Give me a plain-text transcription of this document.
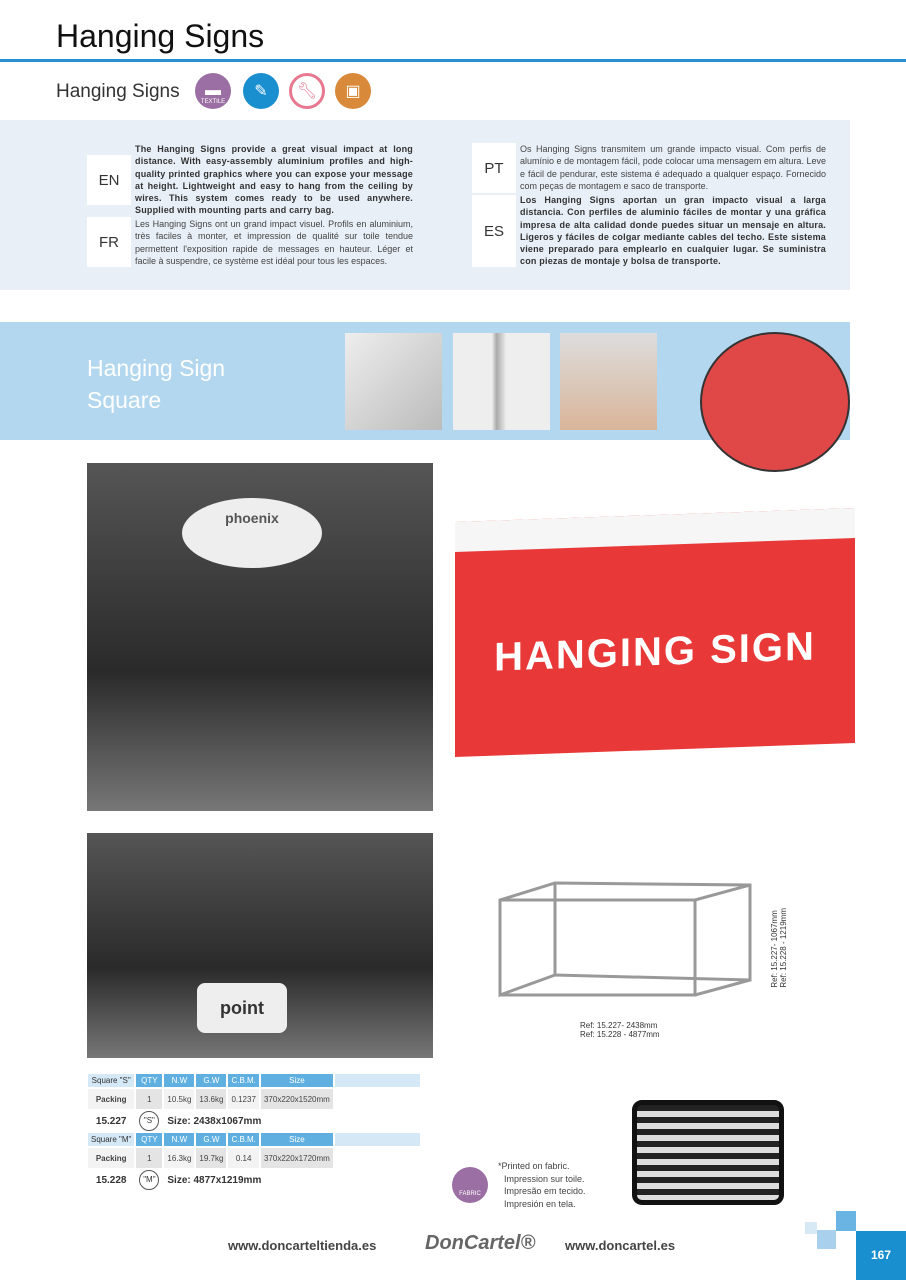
Hanging Signs
Hanging Signs	▬
TEXTILE
✎	🔧︎	▣
EN
The Hanging Signs provide a great visual impact at long distance. With easy-assembly aluminium profiles and high-quality printed graphics where you can expose your message at height. Lightweight and easy to hang from the ceiling by wires. This system comes ready to be used anywhere. Supplied with mounting parts and carry bag.
FR
Les Hanging Signs ont un grand impact visuel. Profils en aluminium, très faciles à monter, et impression de qualité sur toile tendue permettent l'exposition rapide de messages en hauteur. Léger et facile à suspendre, ce système est idéal pour tous les espaces.
PT
Os Hanging Signs transmitem um grande impacto visual. Com perfis de alumínio e de montagem fácil, pode colocar uma mensagem em altura. Leve e fácil de pendurar, este sistema é adequado a qualquer espaço. Fornecido com peças de montagem e saco de transporte.
ES
Los Hanging Signs aportan un gran impacto visual a larga distancia. Con perfiles de aluminio fáciles de montar y una gráfica impresa de alta calidad donde puedes situar un mensaje en altura. Ligeros y fáciles de colgar mediante cables del techo. Este sistema viene preparado para emplearlo en cualquier lugar. Se suministra con piezas de montaje y bolsa de transporte.
Hanging Sign
Square
phoenix
HANGING SIGN
point
Ref: 15.227- 1067mm Ref: 15.228 - 1219mm
Ref: 15.227- 2438mm
Ref: 15.228 - 4877mm
Square "S"	QTY	N.W	G.W	C.B.M.	Size	
Packing	1	10.5kg	13.6kg	0.1237	370x220x1520mm	
15.227	"S"	Size: 2438x1067mm				
Square "M"	QTY	N.W	G.W	C.B.M.	Size	
Packing	1	16.3kg	19.7kg	0.14	370x220x1720mm	
15.228	"M"	Size: 4877x1219mm				
FABRIC
*Printed on fabric.
Impression sur toile.
Impresão em tecido.
Impresión en tela.
www.doncarteltienda.es DonCartel® www.doncartel.es
167
